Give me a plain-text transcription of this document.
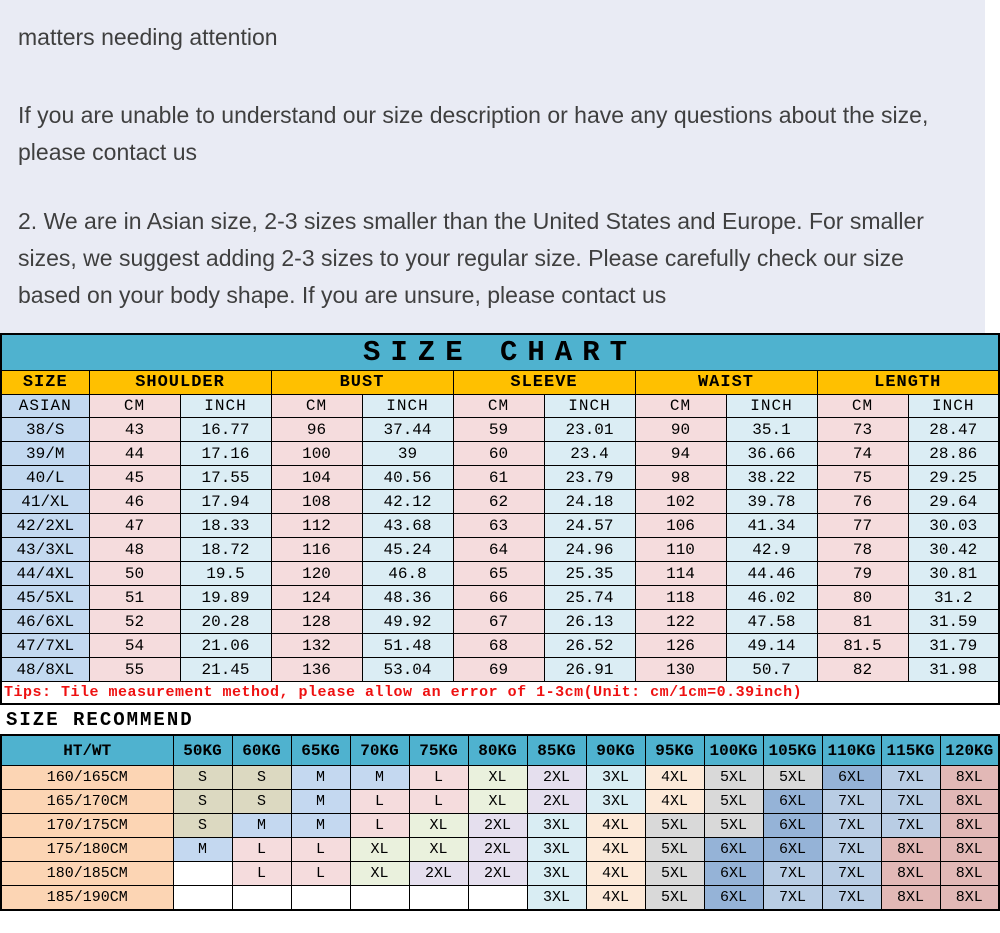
matters needing attention

If you are unable to understand our size description or have any questions about the size, please contact us

2. We are in Asian size, 2-3 sizes smaller than the United States and Europe. For smaller sizes, we suggest adding 2-3 sizes to your regular size. Please carefully check our size based on your body shape. If you are unsure, please contact us

SIZE CHART										
SIZE	SHOULDER		BUST		SLEEVE		WAIST		LENGTH	
ASIAN	CM	INCH	CM	INCH	CM	INCH	CM	INCH	CM	INCH
38/S	43	16.77	96	37.44	59	23.01	90	35.1	73	28.47
39/M	44	17.16	100	39	60	23.4	94	36.66	74	28.86
40/L	45	17.55	104	40.56	61	23.79	98	38.22	75	29.25
41/XL	46	17.94	108	42.12	62	24.18	102	39.78	76	29.64
42/2XL	47	18.33	112	43.68	63	24.57	106	41.34	77	30.03
43/3XL	48	18.72	116	45.24	64	24.96	110	42.9	78	30.42
44/4XL	50	19.5	120	46.8	65	25.35	114	44.46	79	30.81
45/5XL	51	19.89	124	48.36	66	25.74	118	46.02	80	31.2
46/6XL	52	20.28	128	49.92	67	26.13	122	47.58	81	31.59
47/7XL	54	21.06	132	51.48	68	26.52	126	49.14	81.5	31.79
48/8XL	55	21.45	136	53.04	69	26.91	130	50.7	82	31.98
Tips: Tile measurement method, please allow an error of 1-3cm(Unit: cm/1cm=0.39inch)										
SIZE RECOMMEND
HT/WT	50KG	60KG	65KG	70KG	75KG	80KG	85KG	90KG	95KG	100KG	105KG	110KG	115KG	120KG
160/165CM	S	S	M	M	L	XL	2XL	3XL	4XL	5XL	5XL	6XL	7XL	8XL
165/170CM	S	S	M	L	L	XL	2XL	3XL	4XL	5XL	6XL	7XL	7XL	8XL
170/175CM	S	M	M	L	XL	2XL	3XL	4XL	5XL	5XL	6XL	7XL	7XL	8XL
175/180CM	M	L	L	XL	XL	2XL	3XL	4XL	5XL	6XL	6XL	7XL	8XL	8XL
180/185CM		L	L	XL	2XL	2XL	3XL	4XL	5XL	6XL	7XL	7XL	8XL	8XL
185/190CM							3XL	4XL	5XL	6XL	7XL	7XL	8XL	8XL
